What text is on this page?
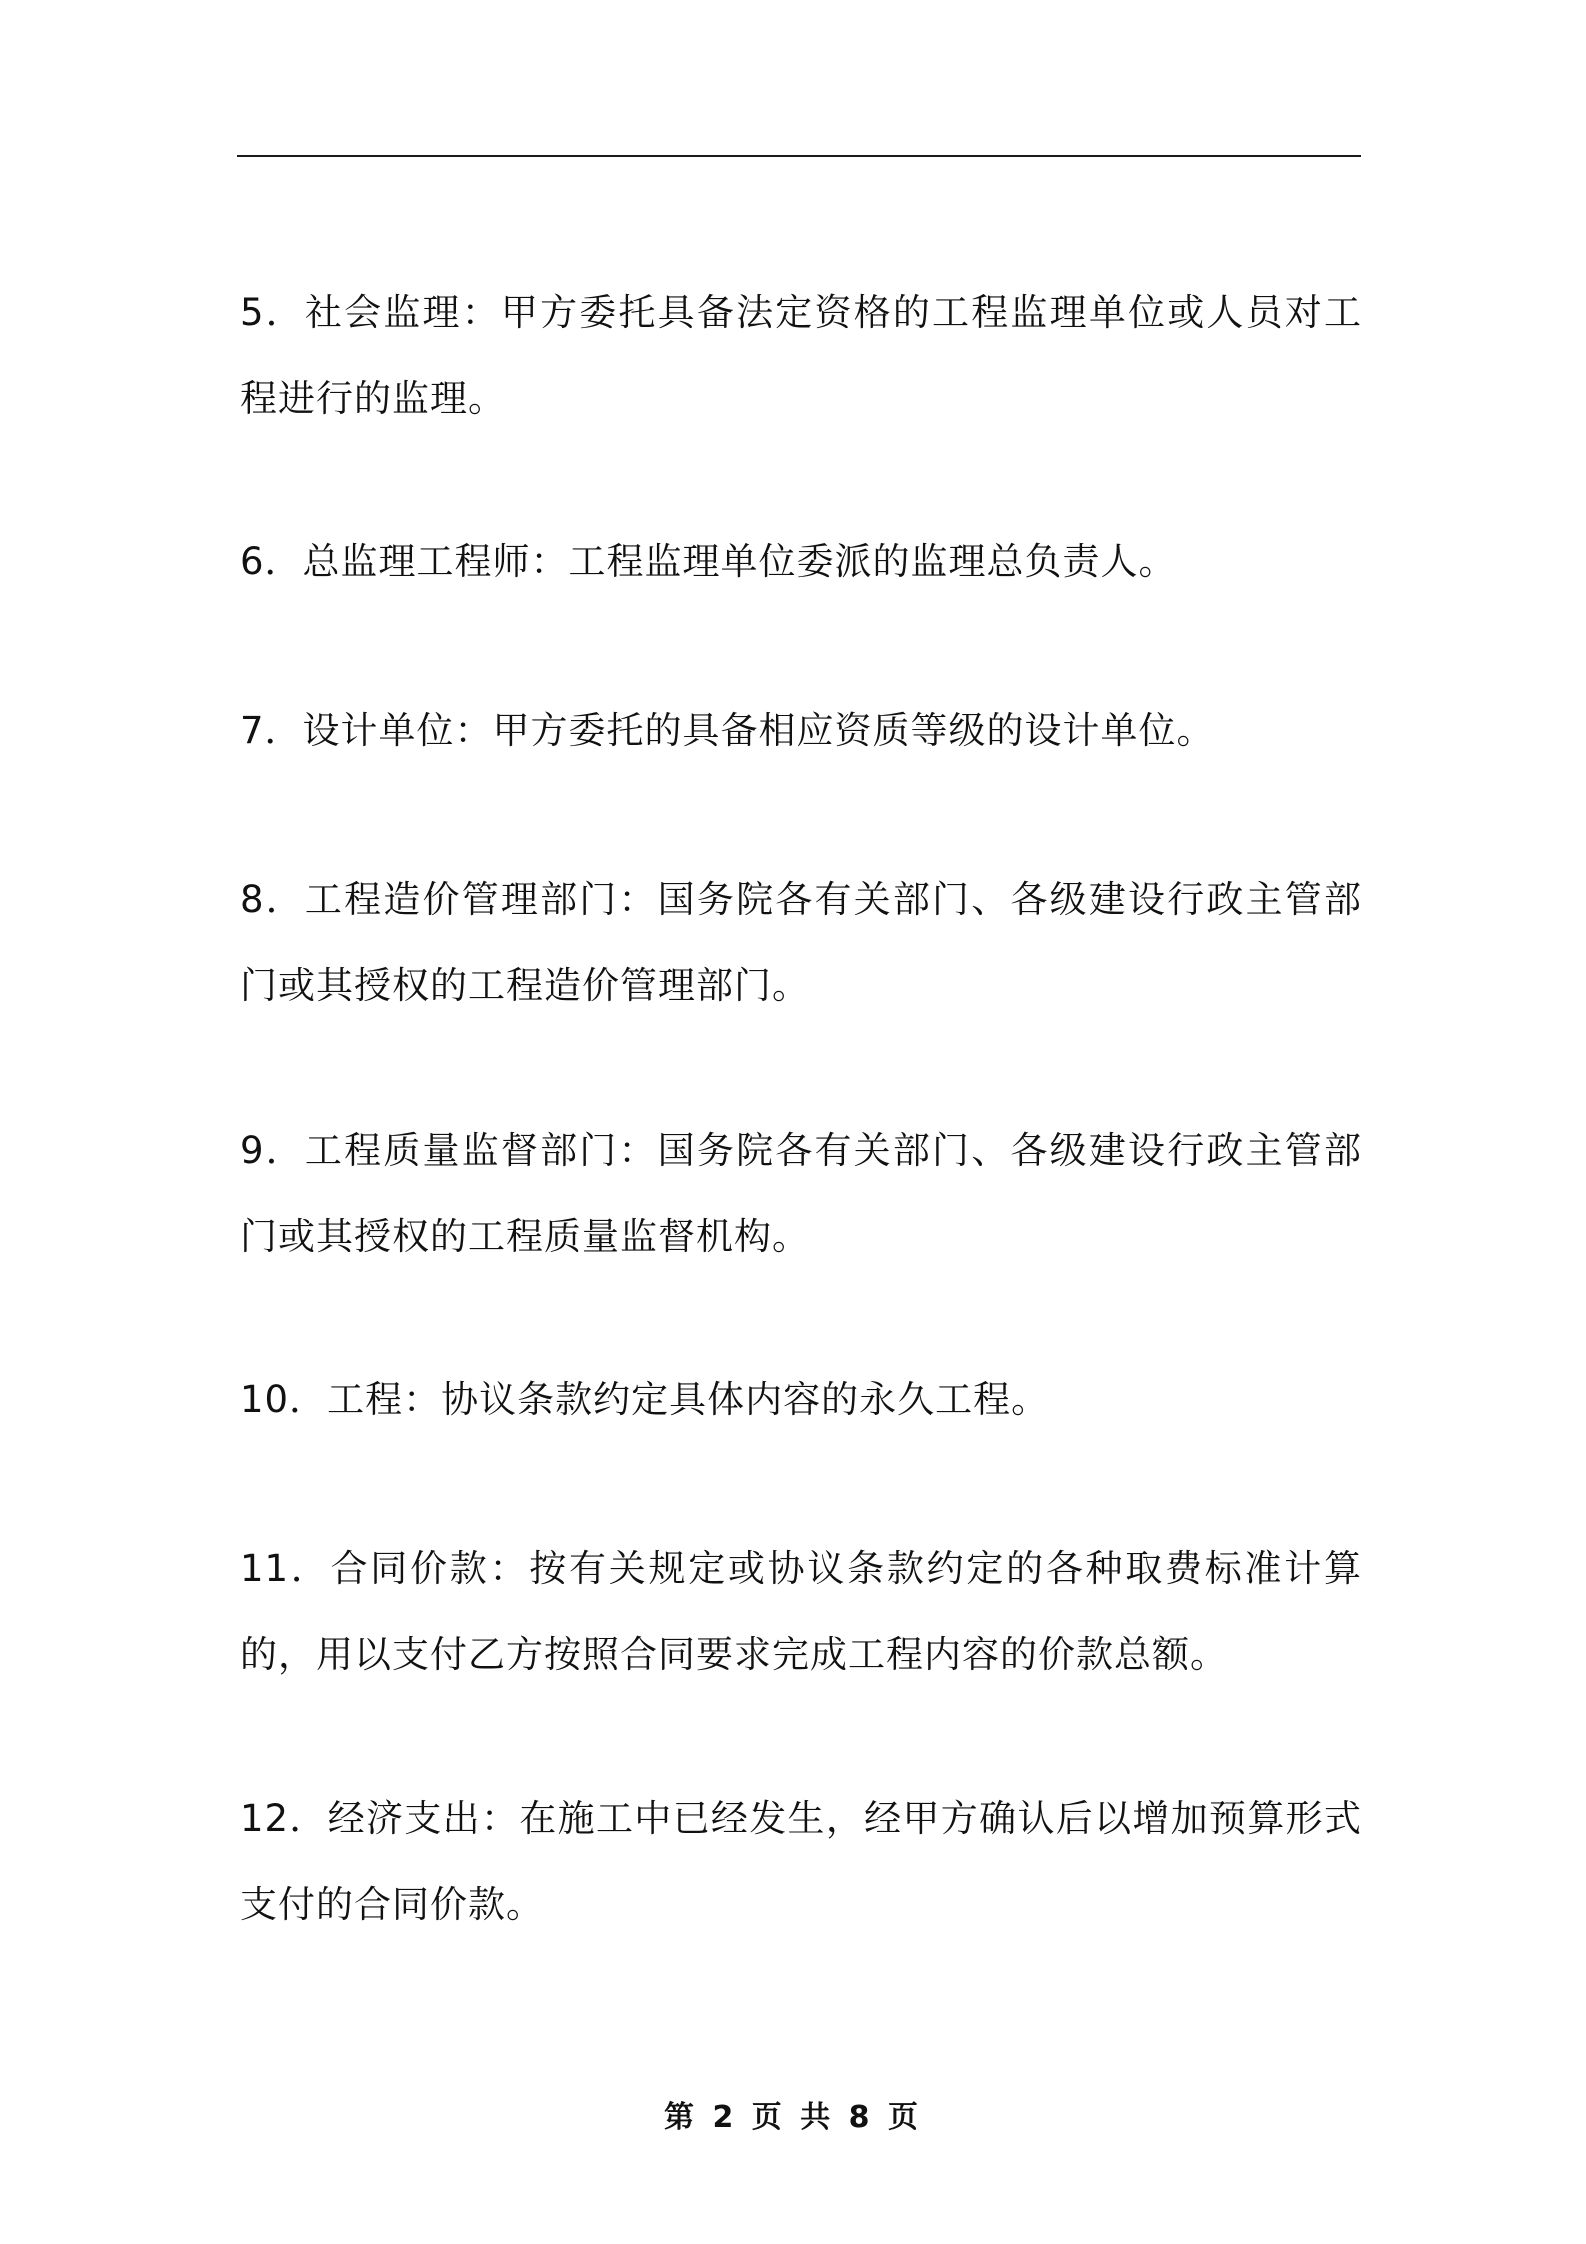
5．社会监理：甲方委托具备法定资格的工程监理单位或人员对工程进行的监理。

6．总监理工程师：工程监理单位委派的监理总负责人。

7．设计单位：甲方委托的具备相应资质等级的设计单位。

8．工程造价管理部门：国务院各有关部门、各级建设行政主管部门或其授权的工程造价管理部门。

9．工程质量监督部门：国务院各有关部门、各级建设行政主管部门或其授权的工程质量监督机构。

10．工程：协议条款约定具体内容的永久工程。

11．合同价款：按有关规定或协议条款约定的各种取费标准计算的，用以支付乙方按照合同要求完成工程内容的价款总额。

12．经济支出：在施工中已经发生，经甲方确认后以增加预算形式支付的合同价款。

第 2 页 共 8 页
